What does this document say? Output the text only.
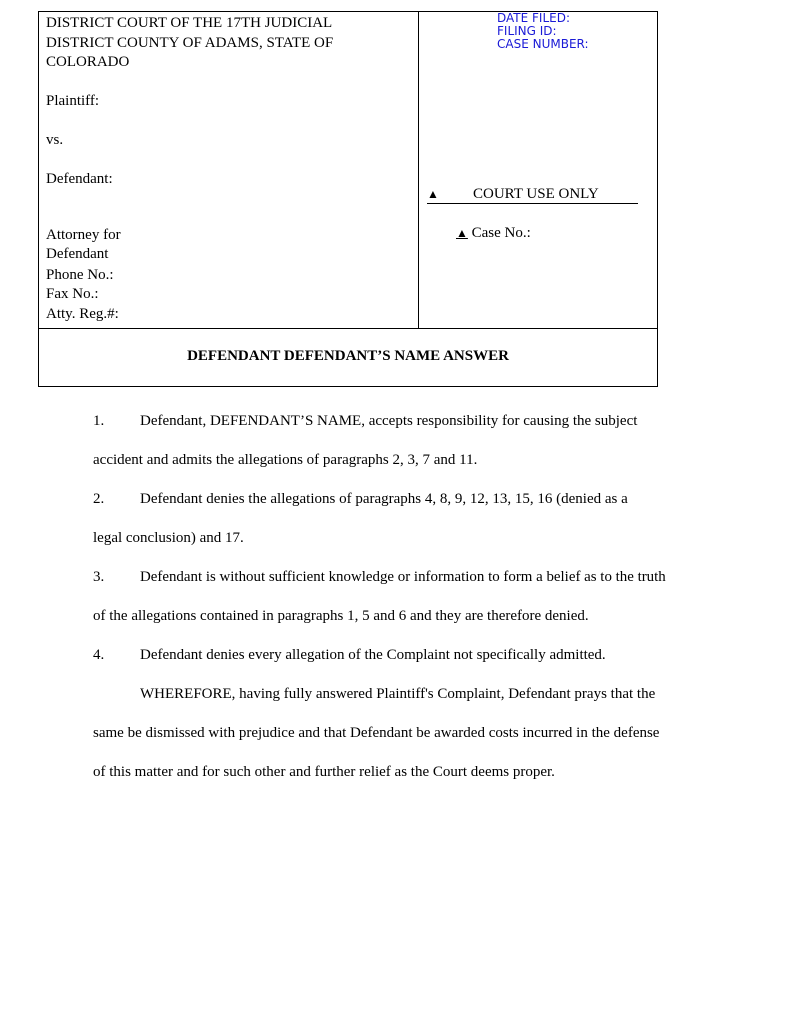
DISTRICT COURT OF THE 17TH JUDICIAL
DISTRICT COUNTY OF ADAMS, STATE OF
COLORADO
Plaintiff:
vs.
Defendant:
Attorney for
Defendant
Phone No.:
Fax No.:
Atty. Reg.#:
DATE FILED:
FILING ID:
CASE NUMBER:
▲ COURT USE ONLY

▲ Case No.:
DEFENDANT DEFENDANT’S NAME ANSWER
1. Defendant, DEFENDANT’S NAME, accepts responsibility for causing the subject
accident and admits the allegations of paragraphs 2, 3, 7 and 11.
2. Defendant denies the allegations of paragraphs 4, 8, 9, 12, 13, 15, 16 (denied as a
legal conclusion) and 17.
3. Defendant is without sufficient knowledge or information to form a belief as to the truth
of the allegations contained in paragraphs 1, 5 and 6 and they are therefore denied.
4. Defendant denies every allegation of the Complaint not specifically admitted.
WHEREFORE, having fully answered Plaintiff's Complaint, Defendant prays that the
same be dismissed with prejudice and that Defendant be awarded costs incurred in the defense
of this matter and for such other and further relief as the Court deems proper.
